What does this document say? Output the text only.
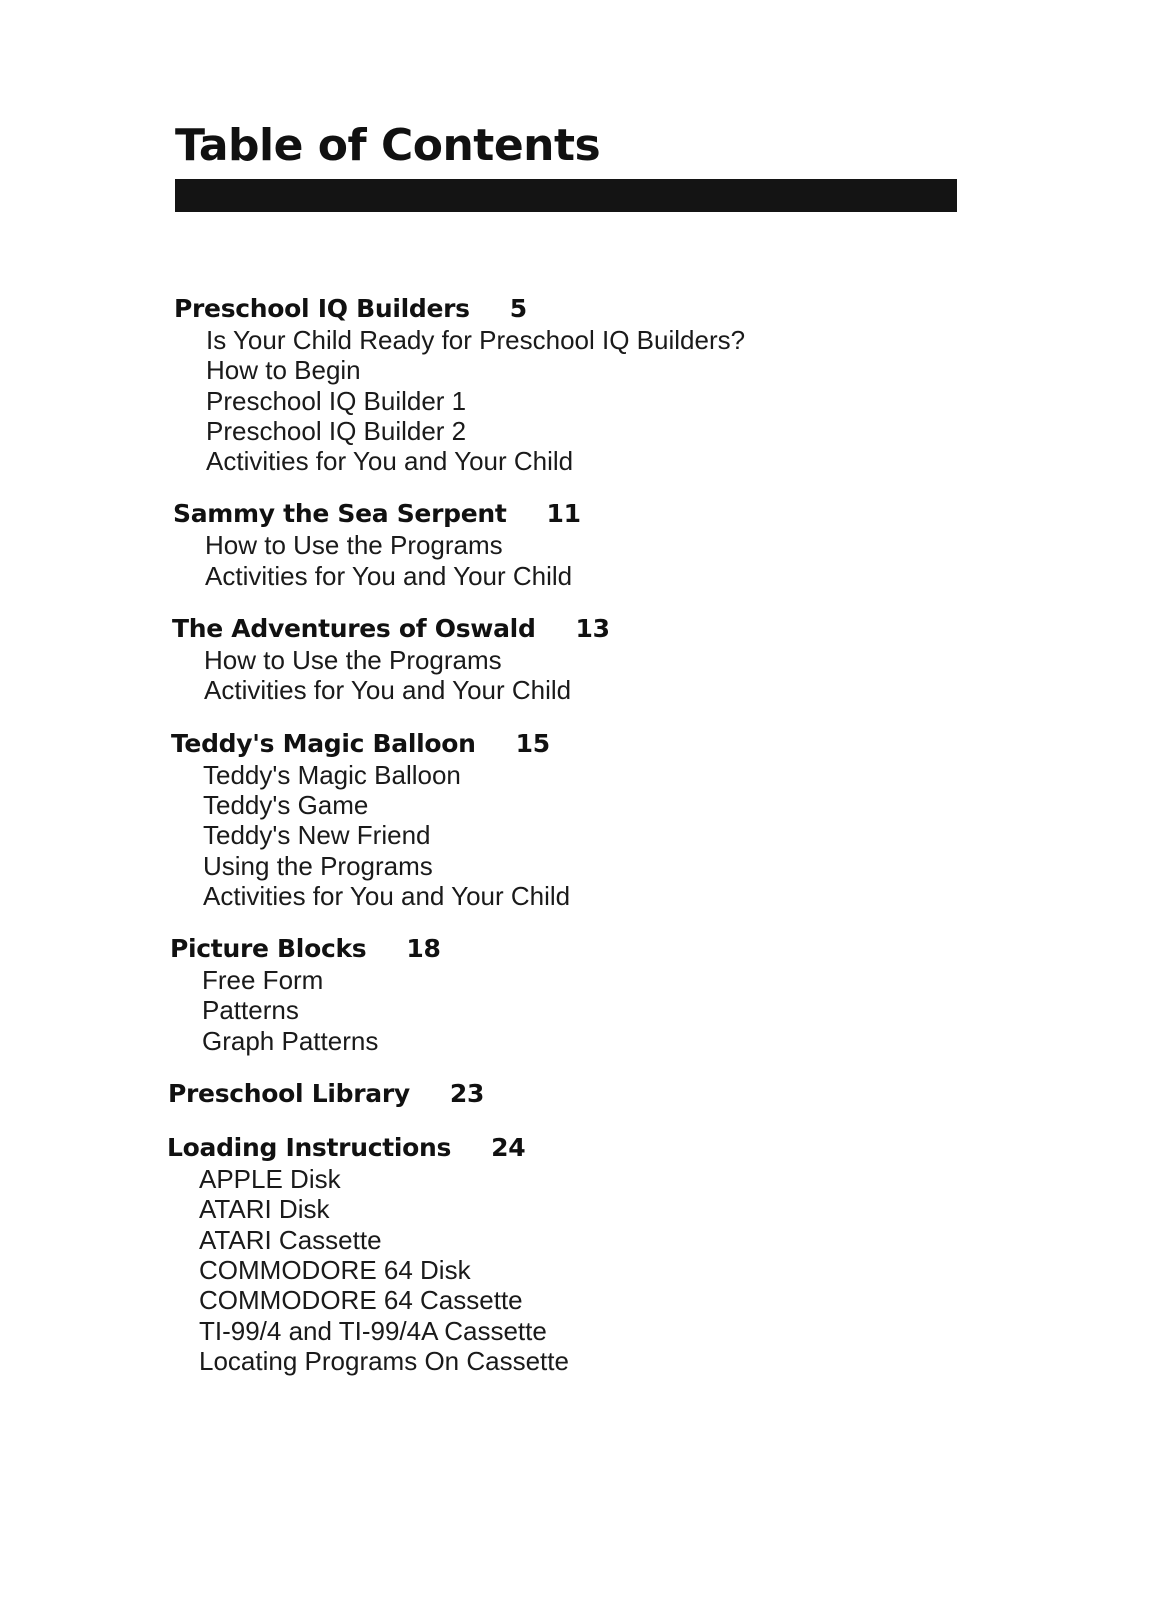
Table of Contents
Preschool IQ Builders 5
Is Your Child Ready for Preschool IQ Builders?
How to Begin
Preschool IQ Builder 1
Preschool IQ Builder 2
Activities for You and Your Child
Sammy the Sea Serpent 11
How to Use the Programs
Activities for You and Your Child
The Adventures of Oswald 13
How to Use the Programs
Activities for You and Your Child
Teddy's Magic Balloon 15
Teddy's Magic Balloon
Teddy's Game
Teddy's New Friend
Using the Programs
Activities for You and Your Child
Picture Blocks 18
Free Form
Patterns
Graph Patterns
Preschool Library 23
Loading Instructions 24
APPLE Disk
ATARI Disk
ATARI Cassette
COMMODORE 64 Disk
COMMODORE 64 Cassette
TI-99/4 and TI-99/4A Cassette
Locating Programs On Cassette
